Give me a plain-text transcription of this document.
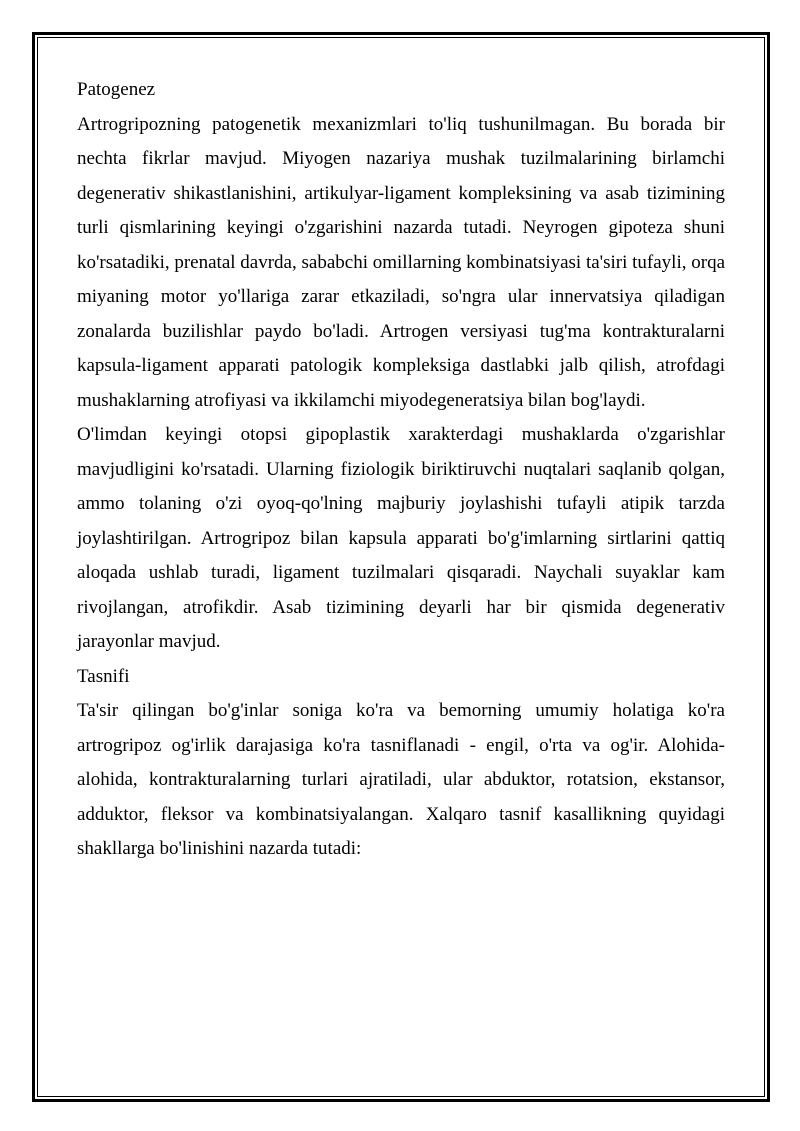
Patogenez

Artrogripozning patogenetik mexanizmlari to'liq tushunilmagan. Bu borada bir nechta fikrlar mavjud. Miyogen nazariya mushak tuzilmalarining birlamchi degenerativ shikastlanishini, artikulyar-ligament kompleksining va asab tizimining turli qismlarining keyingi o'zgarishini nazarda tutadi. Neyrogen gipoteza shuni ko'rsatadiki, prenatal davrda, sababchi omillarning kombinatsiyasi ta'siri tufayli, orqa miyaning motor yo'llariga zarar etkaziladi, so'ngra ular innervatsiya qiladigan zonalarda buzilishlar paydo bo'ladi. Artrogen versiyasi tug'ma kontrakturalarni kapsula-ligament apparati patologik kompleksiga dastlabki jalb qilish, atrofdagi mushaklarning atrofiyasi va ikkilamchi miyodegeneratsiya bilan bog'laydi.

O'limdan keyingi otopsi gipoplastik xarakterdagi mushaklarda o'zgarishlar mavjudligini ko'rsatadi. Ularning fiziologik biriktiruvchi nuqtalari saqlanib qolgan, ammo tolaning o'zi oyoq-qo'lning majburiy joylashishi tufayli atipik tarzda joylashtirilgan. Artrogripoz bilan kapsula apparati bo'g'imlarning sirtlarini qattiq aloqada ushlab turadi, ligament tuzilmalari qisqaradi. Naychali suyaklar kam rivojlangan, atrofikdir. Asab tizimining deyarli har bir qismida degenerativ jarayonlar mavjud.

Tasnifi

Ta'sir qilingan bo'g'inlar soniga ko'ra va bemorning umumiy holatiga ko'ra artrogripoz og'irlik darajasiga ko'ra tasniflanadi - engil, o'rta va og'ir. Alohida-alohida, kontrakturalarning turlari ajratiladi, ular abduktor, rotatsion, ekstansor, adduktor, fleksor va kombinatsiyalangan. Xalqaro tasnif kasallikning quyidagi shakllarga bo'linishini nazarda tutadi:
